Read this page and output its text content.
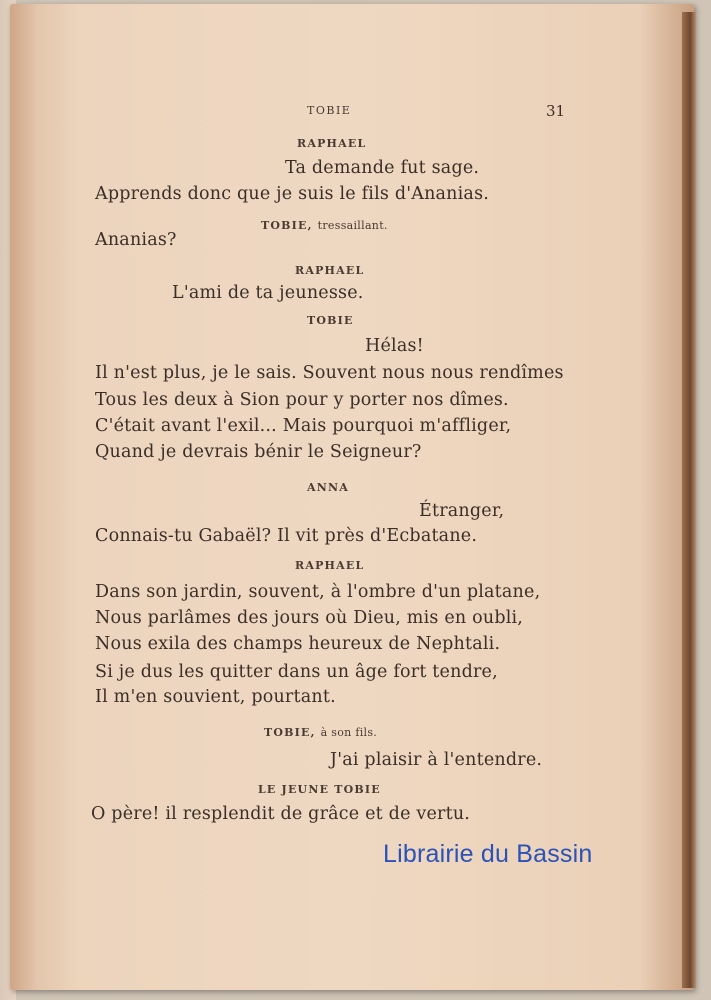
TOBIE	31
RAPHAEL
Ta demande fut sage.
Apprends donc que je suis le fils d'Ananias.
TOBIE, tressaillant.
Ananias?
RAPHAEL
L'ami de ta jeunesse.
TOBIE
Hélas!
Il n'est plus, je le sais. Souvent nous nous rendîmes
Tous les deux à Sion pour y porter nos dîmes.
C'était avant l'exil... Mais pourquoi m'affliger,
Quand je devrais bénir le Seigneur?
ANNA
Étranger,
Connais-tu Gabaël? Il vit près d'Ecbatane.
RAPHAEL
Dans son jardin, souvent, à l'ombre d'un platane,
Nous parlâmes des jours où Dieu, mis en oubli,
Nous exila des champs heureux de Nephtali.
Si je dus les quitter dans un âge fort tendre,
Il m'en souvient, pourtant.
TOBIE, à son fils.
J'ai plaisir à l'entendre.
LE JEUNE TOBIE
O père! il resplendit de grâce et de vertu.
Librairie du Bassin
